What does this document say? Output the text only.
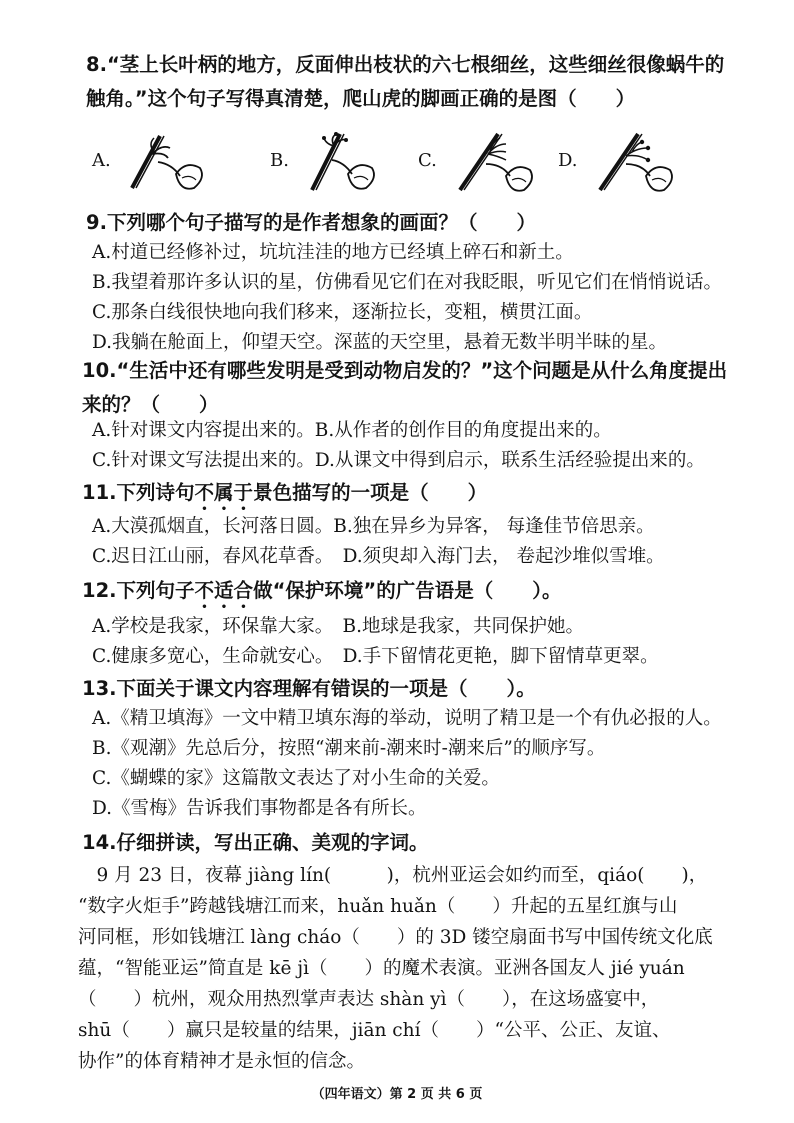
8.“茎上长叶柄的地方，反面伸出枝状的六七根细丝，这些细丝很像蜗牛的
触角。”这个句子写得真清楚，爬山虎的脚画正确的是图（　　）
A.	B.	C.	D.
9.下列哪个句子描写的是作者想象的画面？（　　）
A.村道已经修补过，坑坑洼洼的地方已经填上碎石和新土。
B.我望着那许多认识的星，仿佛看见它们在对我眨眼，听见它们在悄悄说话。
C.那条白线很快地向我们移来，逐渐拉长，变粗，横贯江面。
D.我躺在舱面上，仰望天空。深蓝的天空里，悬着无数半明半昧的星。
10.“生活中还有哪些发明是受到动物启发的？”这个问题是从什么角度提出
来的？（　　）
A.针对课文内容提出来的。B.从作者的创作目的角度提出来的。
C.针对课文写法提出来的。D.从课文中得到启示，联系生活经验提出来的。
11.下列诗句不属于景色描写的一项是（　　）
A.大漠孤烟直，长河落日圆。B.独在异乡为异客， 每逢佳节倍思亲。
C.迟日江山丽，春风花草香。　D.须臾却入海门去， 卷起沙堆似雪堆。
12.下列句子不适合做“保护环境”的广告语是（　　）。
A.学校是我家，环保靠大家。　B.地球是我家，共同保护她。
C.健康多宽心，生命就安心。　D.手下留情花更艳，脚下留情草更翠。
13.下面关于课文内容理解有错误的一项是（　　）。
A.《精卫填海》一文中精卫填东海的举动，说明了精卫是一个有仇必报的人。
B.《观潮》先总后分，按照“潮来前-潮来时-潮来后”的顺序写。
C.《蝴蝶的家》这篇散文表达了对小生命的关爱。
D.《雪梅》告诉我们事物都是各有所长。
14.仔细拼读，写出正确、美观的字词。
　9 月 23 日，夜幕 jiàng lín(　　　)，杭州亚运会如约而至，qiáo(　　)，
“数字火炬手”跨越钱塘江而来，huǎn huǎn（　　）升起的五星红旗与山
河同框，形如钱塘江 làng cháo（　　）的 3D 镂空扇面书写中国传统文化底
蕴，“智能亚运”简直是 kē jì（　　）的魔术表演。亚洲各国友人 jié yuán
（　　）杭州，观众用热烈掌声表达 shàn yì（　　），在这场盛宴中，
shū（　　）赢只是较量的结果，jiān chí（　　）“公平、公正、友谊、
协作”的体育精神才是永恒的信念。
（四年语文）第 2 页 共 6 页
